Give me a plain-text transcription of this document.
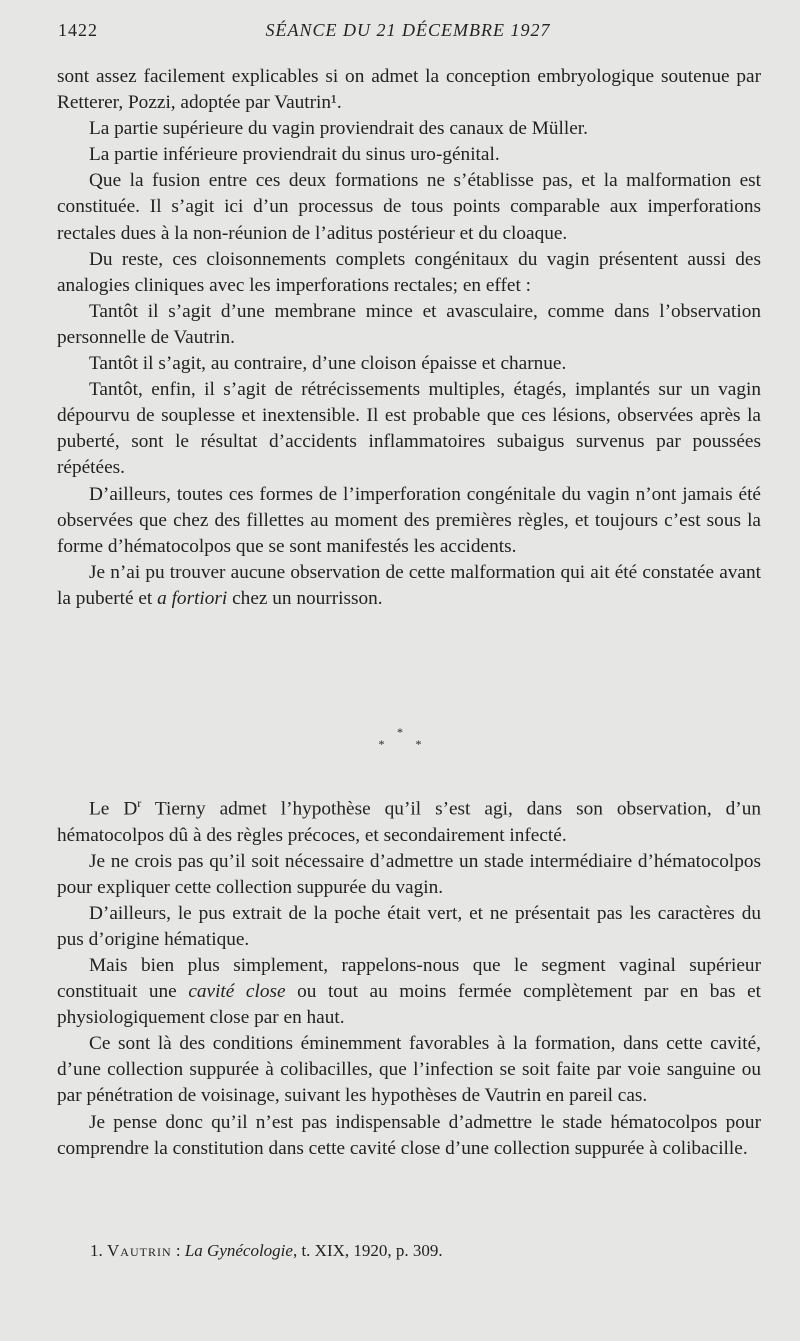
1422	SÉANCE DU 21 DÉCEMBRE 1927

sont assez facilement explicables si on admet la conception embryologique soutenue par Retterer, Pozzi, adoptée par Vautrin¹.

La partie supérieure du vagin proviendrait des canaux de Müller.

La partie inférieure proviendrait du sinus uro-génital.

Que la fusion entre ces deux formations ne s’établisse pas, et la malformation est constituée. Il s’agit ici d’un processus de tous points comparable aux imperforations rectales dues à la non-réunion de l’aditus postérieur et du cloaque.

Du reste, ces cloisonnements complets congénitaux du vagin présentent aussi des analogies cliniques avec les imperforations rectales; en effet :

Tantôt il s’agit d’une membrane mince et avasculaire, comme dans l’observation personnelle de Vautrin.

Tantôt il s’agit, au contraire, d’une cloison épaisse et charnue.

Tantôt, enfin, il s’agit de rétrécissements multiples, étagés, implantés sur un vagin dépourvu de souplesse et inextensible. Il est probable que ces lésions, observées après la puberté, sont le résultat d’accidents inflammatoires subaigus survenus par poussées répétées.

D’ailleurs, toutes ces formes de l’imperforation congénitale du vagin n’ont jamais été observées que chez des fillettes au moment des premières règles, et toujours c’est sous la forme d’hématocolpos que se sont manifestés les accidents.

Je n’ai pu trouver aucune observation de cette malformation qui ait été constatée avant la puberté et a fortiori chez un nourrisson.

*
* *

Le $D^r$ Tierny admet l’hypothèse qu’il s’est agi, dans son observation, d’un hématocolpos dû à des règles précoces, et secondairement infecté.

Je ne crois pas qu’il soit nécessaire d’admettre un stade intermédiaire d’hématocolpos pour expliquer cette collection suppurée du vagin.

D’ailleurs, le pus extrait de la poche était vert, et ne présentait pas les caractères du pus d’origine hématique.

Mais bien plus simplement, rappelons-nous que le segment vaginal supérieur constituait une cavité close ou tout au moins fermée complètement par en bas et physiologiquement close par en haut.

Ce sont là des conditions éminemment favorables à la formation, dans cette cavité, d’une collection suppurée à colibacilles, que l’infection se soit faite par voie sanguine ou par pénétration de voisinage, suivant les hypothèses de Vautrin en pareil cas.

Je pense donc qu’il n’est pas indispensable d’admettre le stade hématocolpos pour comprendre la constitution dans cette cavité close d’une collection suppurée à colibacille.

1. Vautrin : La Gynécologie, t. XIX, 1920, p. 309.
